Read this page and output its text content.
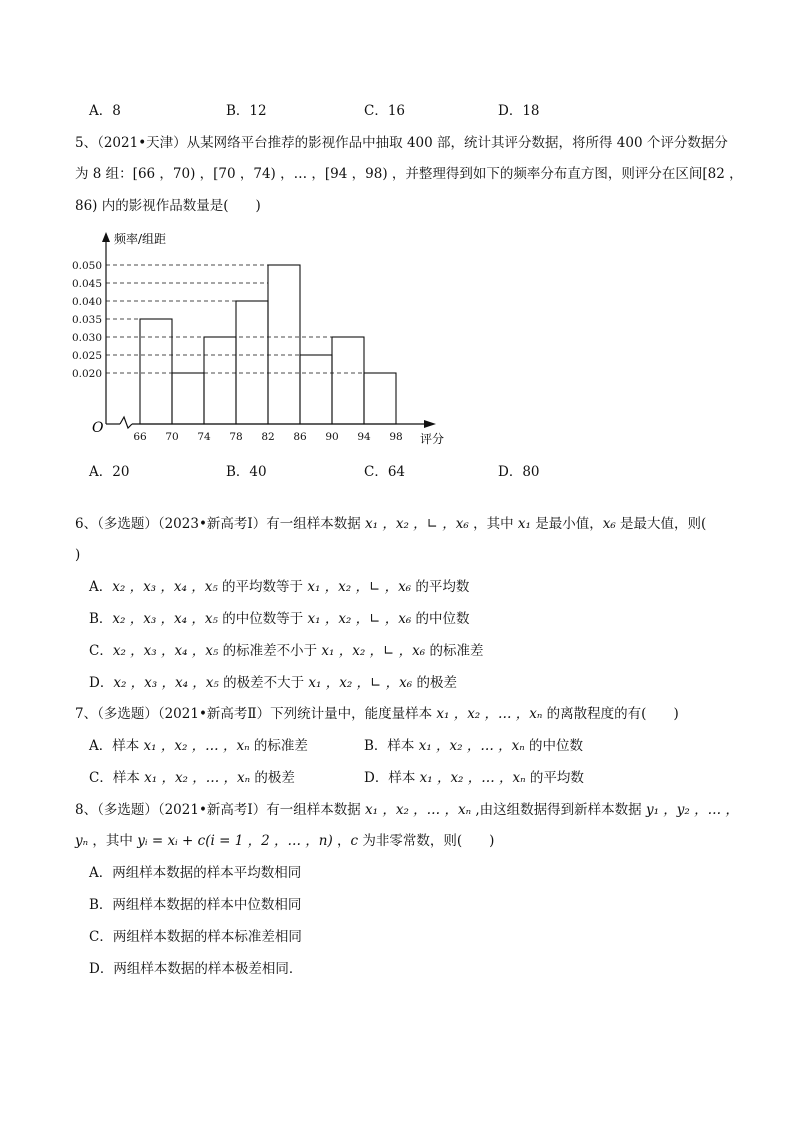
A．8	B．12	C．16	D．18
5、（2021•天津）从某网络平台推荐的影视作品中抽取 400 部，统计其评分数据，将所得 400 个评分数据分
为 8 组：[66 ，70) ，[70 ，74) ，… ，[94 ，98) ，并整理得到如下的频率分布直方图，则评分在区间[82 ，
86) 内的影视作品数量是(　　)
0.020
0.025
0.030
0.035
0.040
0.045
0.050
66 70 74 78 82 86 90 94 98
频率/组距
评分
O
A．20	B．40	C．64	D．80
6、（多选题）（2023•新高考Ⅰ）有一组样本数据 x₁ ，x₂ ，∟ ，x₆ ，其中 x₁ 是最小值，x₆ 是最大值，则(
)
A．x₂ ，x₃ ，x₄ ，x₅ 的平均数等于 x₁ ，x₂ ，∟ ，x₆ 的平均数
B．x₂ ，x₃ ，x₄ ，x₅ 的中位数等于 x₁ ，x₂ ，∟ ，x₆ 的中位数
C．x₂ ，x₃ ，x₄ ，x₅ 的标准差不小于 x₁ ，x₂ ，∟ ，x₆ 的标准差
D．x₂ ，x₃ ，x₄ ，x₅ 的极差不大于 x₁ ，x₂ ，∟ ，x₆ 的极差
7、（多选题）（2021•新高考Ⅱ）下列统计量中，能度量样本 x₁ ，x₂ ，… ，xₙ 的离散程度的有(　　)
A．样本 x₁ ，x₂ ，… ，xₙ 的标准差	B．样本 x₁ ，x₂ ，… ，xₙ 的中位数
C．样本 x₁ ，x₂ ，… ，xₙ 的极差	D．样本 x₁ ，x₂ ，… ，xₙ 的平均数
8、（多选题）（2021•新高考Ⅰ）有一组样本数据 x₁ ，x₂ ，… ，xₙ ,由这组数据得到新样本数据 y₁ ，y₂ ，… ，
yₙ ，其中 yᵢ = xᵢ + c(i = 1 ，2 ，… ，n) ，c 为非零常数，则(　　)
A．两组样本数据的样本平均数相同
B．两组样本数据的样本中位数相同
C．两组样本数据的样本标准差相同
D．两组样本数据的样本极差相同．
